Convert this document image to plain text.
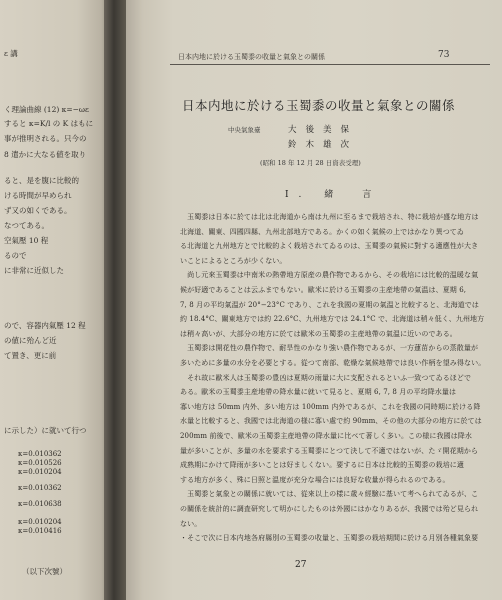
ε 講
く理論曲線 (12) κ=−ωε
すると κ=K/l の K はもに
事が推明される。只今の
8 遣かに大なる値を取り
ると、是を腹に比較的
ける時間が早められ
ず又の如くである。
なつてある。
空氣壓 10 程
るので
に非常に近似した
ので、容器内氣壓 12 程
の値に殆んど近
て置き、更に前
に示した）に就いて行つ
κ=0.010362
κ=0.010526
κ=0.010204
κ=0.010362
κ=0.010638
κ=0.010204
κ=0.010416
（以下次號）
日本内地に於ける玉蜀黍の收量と氣象との關係	73
日本内地に於ける玉蜀黍の收量と氣象との關係
中央氣象臺	大後美保
鈴木雄次
(昭和 18 年 12 月 28 日資表受理)
I. 緒　言
　玉蜀黍は日本に於ては北は北海道から南は九州に至るまで栽培され、特に栽培が盛な地方は
北海道、關東、四國四縣、九州北部地方である。かくの如く氣候の上ではかなり異つてゐ
る北海道と九州地方とで比較的よく栽培されてゐるのは、玉蜀黍の氣候に對する適應性が大き
いことによるところが少くない。
　尚し元來玉蜀黍は中南米の熱帶地方原産の農作物であるから、その栽培には比較的温暖な氣
候が好適であることは云ふまでもない。歐米に於ける玉蜀黍の主産地帶の氣温は、夏期 6,
7, 8 月の平均氣温が 20°−23°C であり、これを我國の夏期の氣温と比較すると、北海道では
約 18.4°C、關東地方では約 22.6°C、九州地方では 24.1°C で、北海道は稍々低く、九州地方
は稍々高いが、大部分の地方に於ては歐米の玉蜀黍の主産地帶の氣温に近いのである。
　玉蜀黍は開花性の農作物で、耐旱性のかなり強い農作物であるが、一方蓮苗からの蒸散量が
多いために多量の水分を必要とする。從つて南部、乾燥な氣候地帶では良い作柄を望み得ない。
　それ故に歐米人は玉蜀黍の豊凶は夏期の雨量に大に支配されるといふ一致つてゐるほどで
ある。歐米の玉蜀黍主産地帶の降水量に就いて見ると、夏期 6, 7, 8 月の平均降水量は
寡い地方は 50mm 内外、多い地方は 100mm 内外であるが、これを我國の同時期に於ける降
水量と比較すると、我國では北海道の様に寡い處で約 90mm、その他の大部分の地方に於ては
200mm 前後で、歐米の玉蜀黍主産地帶の降水量に比べて著しく多い。この様に我國は降水
量が多いことが、多量の水を要求する玉蜀黍にとつて決して不適ではないが、たゞ開花期から
成熟期にかけて降雨が多いことは好ましくない。要するに日本は比較的玉蜀黍の栽培に適
する地方が多く、殊に日照と温度が充分な場合には良好な收量が得られるのである。
　玉蜀黍と氣象との關係に就いては、從來以上の樣に歳々經驗に基いて考へられてゐるが、こ
の關係を統計的に調査研究して明かにしたものは外國にはかなりあるが、我國では殆ど見られ
ない。
・そこで次に日本内地各府縣別の玉蜀黍の收量と、玉蜀黍の栽培期間に於ける月別各種氣象要
27
